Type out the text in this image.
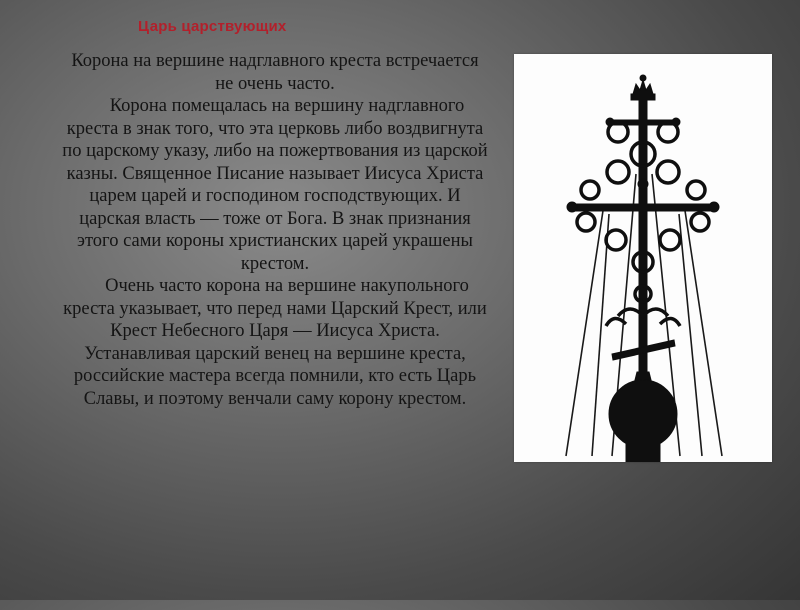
Царь царствующих

Корона на вершине надглавного креста встречается не очень часто.

Корона помещалась на вершину надглавного креста в знак того, что эта церковь либо воздвигнута по царскому указу, либо на пожертвования из царской казны. Священное Писание называет Иисуса Христа царем царей и господином господствующих. И царская власть — тоже от Бога. В знак признания этого сами короны христианских царей украшены крестом.

Очень часто корона на вершине накупольного креста указывает, что перед нами Царский Крест, или Крест Небесного Царя — Иисуса Христа. Устанавливая царский венец на вершине креста, российские мастера всегда помнили, кто есть Царь Славы, и поэтому венчали саму корону крестом.
